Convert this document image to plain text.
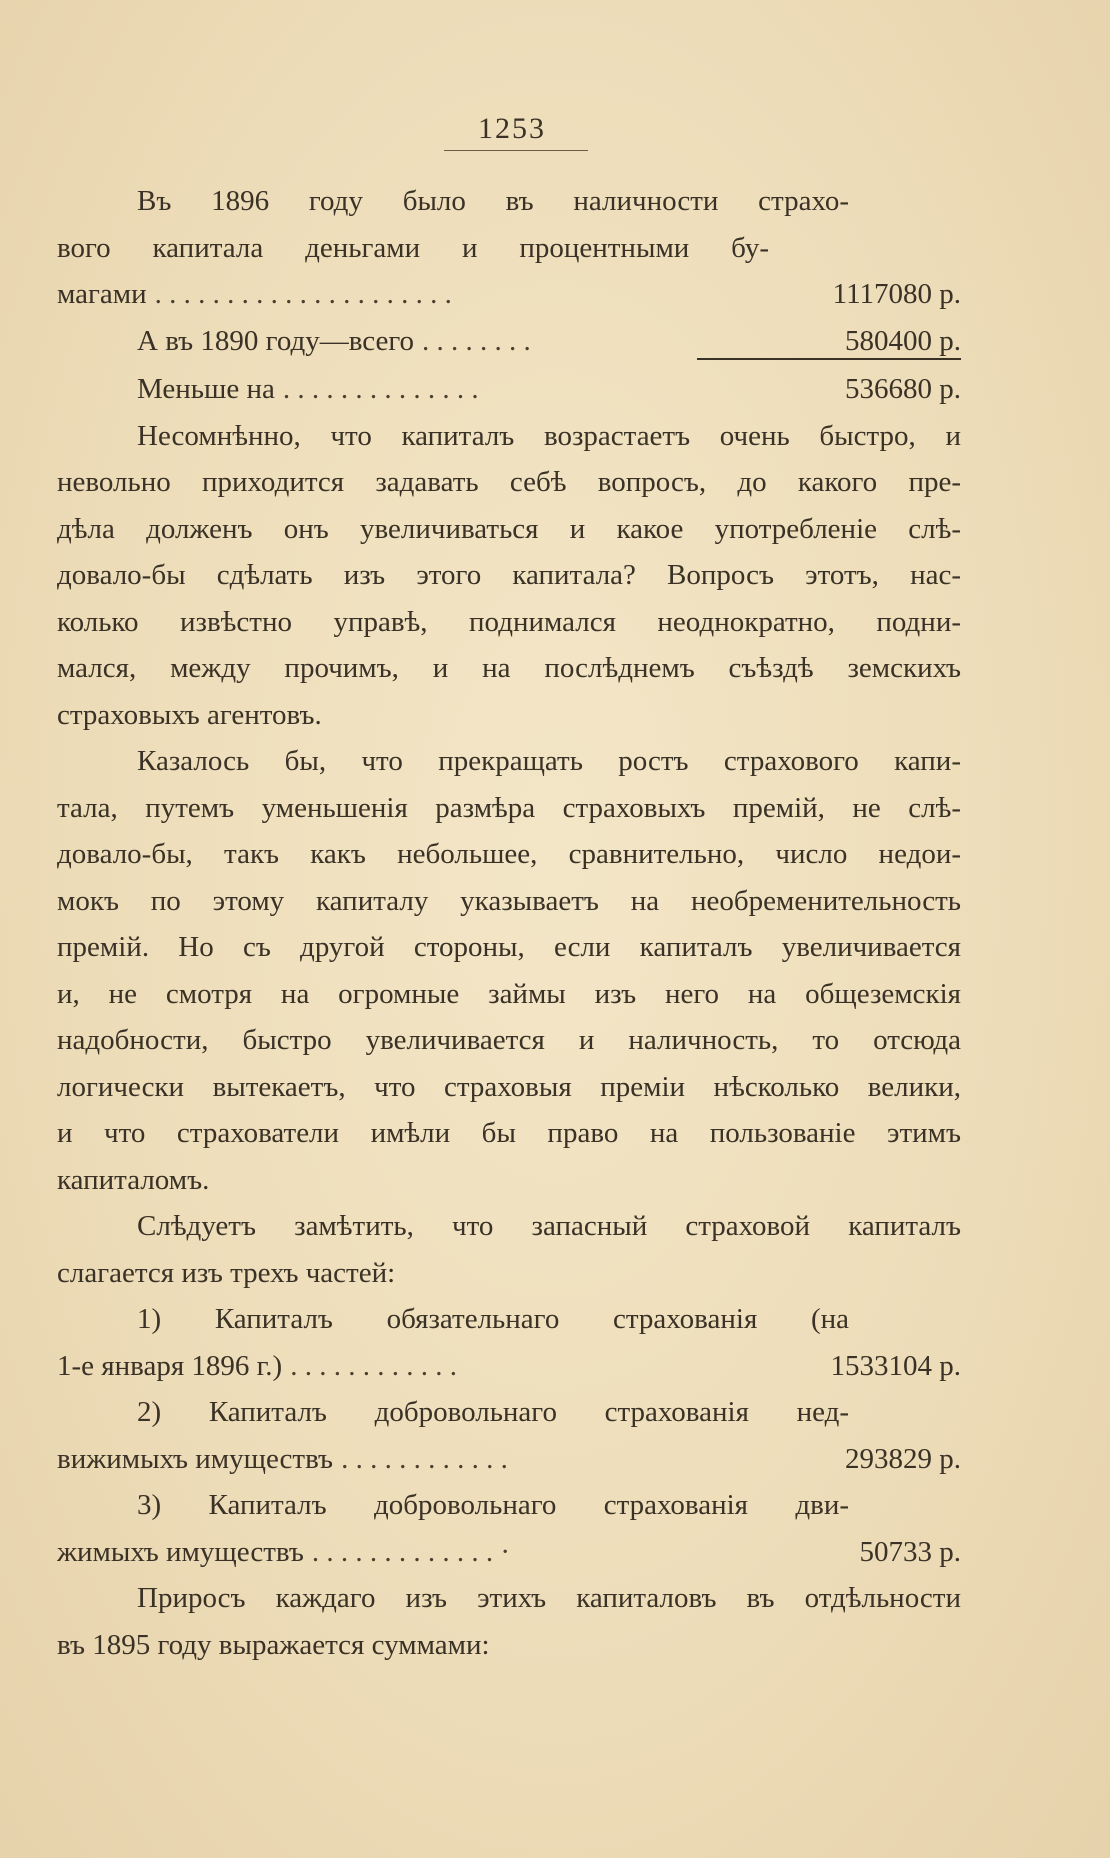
1253
Въ 1896 году было въ наличности страхо-
вого капитала деньгами и процентными бу-
магами . . . . . . . . . . . . . . . . . . . . .	1117080 р.
А въ 1890 году—всего . . . . . . . .	580400 р.
Меньше на . . . . . . . . . . . . . .	536680 р.
Несомнѣнно, что капиталъ возрастаетъ очень быстро, и
невольно приходится задавать себѣ вопросъ, до какого пре-
дѣла долженъ онъ увеличиваться и какое употребленіе слѣ-
довало-бы сдѣлать изъ этого капитала? Вопросъ этотъ, нас-
колько извѣстно управѣ, поднимался неоднократно, подни-
мался, между прочимъ, и на послѣднемъ съѣздѣ земскихъ
страховыхъ агентовъ.
Казалось бы, что прекращать ростъ страхового капи-
тала, путемъ уменьшенія размѣра страховыхъ премій, не слѣ-
довало-бы, такъ какъ небольшее, сравнительно, число недои-
мокъ по этому капиталу указываетъ на необременительность
премій. Но съ другой стороны, если капиталъ увеличивается
и, не смотря на огромные займы изъ него на общеземскія
надобности, быстро увеличивается и наличность, то отсюда
логически вытекаетъ, что страховыя преміи нѣсколько велики,
и что страхователи имѣли бы право на пользованіе этимъ
капиталомъ.
Слѣдуетъ замѣтить, что запасный страховой капиталъ
слагается изъ трехъ частей:
1) Капиталъ обязательнаго страхованія (на
1-е января 1896 г.) . . . . . . . . . . . .	1533104 р.
2) Капиталъ добровольнаго страхованія нед-
вижимыхъ имуществъ . . . . . . . . . . . .	293829 р.
3) Капиталъ добровольнаго страхованія дви-
жимыхъ имуществъ . . . . . . . . . . . . . ·	50733 р.
Приросъ каждаго изъ этихъ капиталовъ въ отдѣльности
въ 1895 году выражается суммами:
